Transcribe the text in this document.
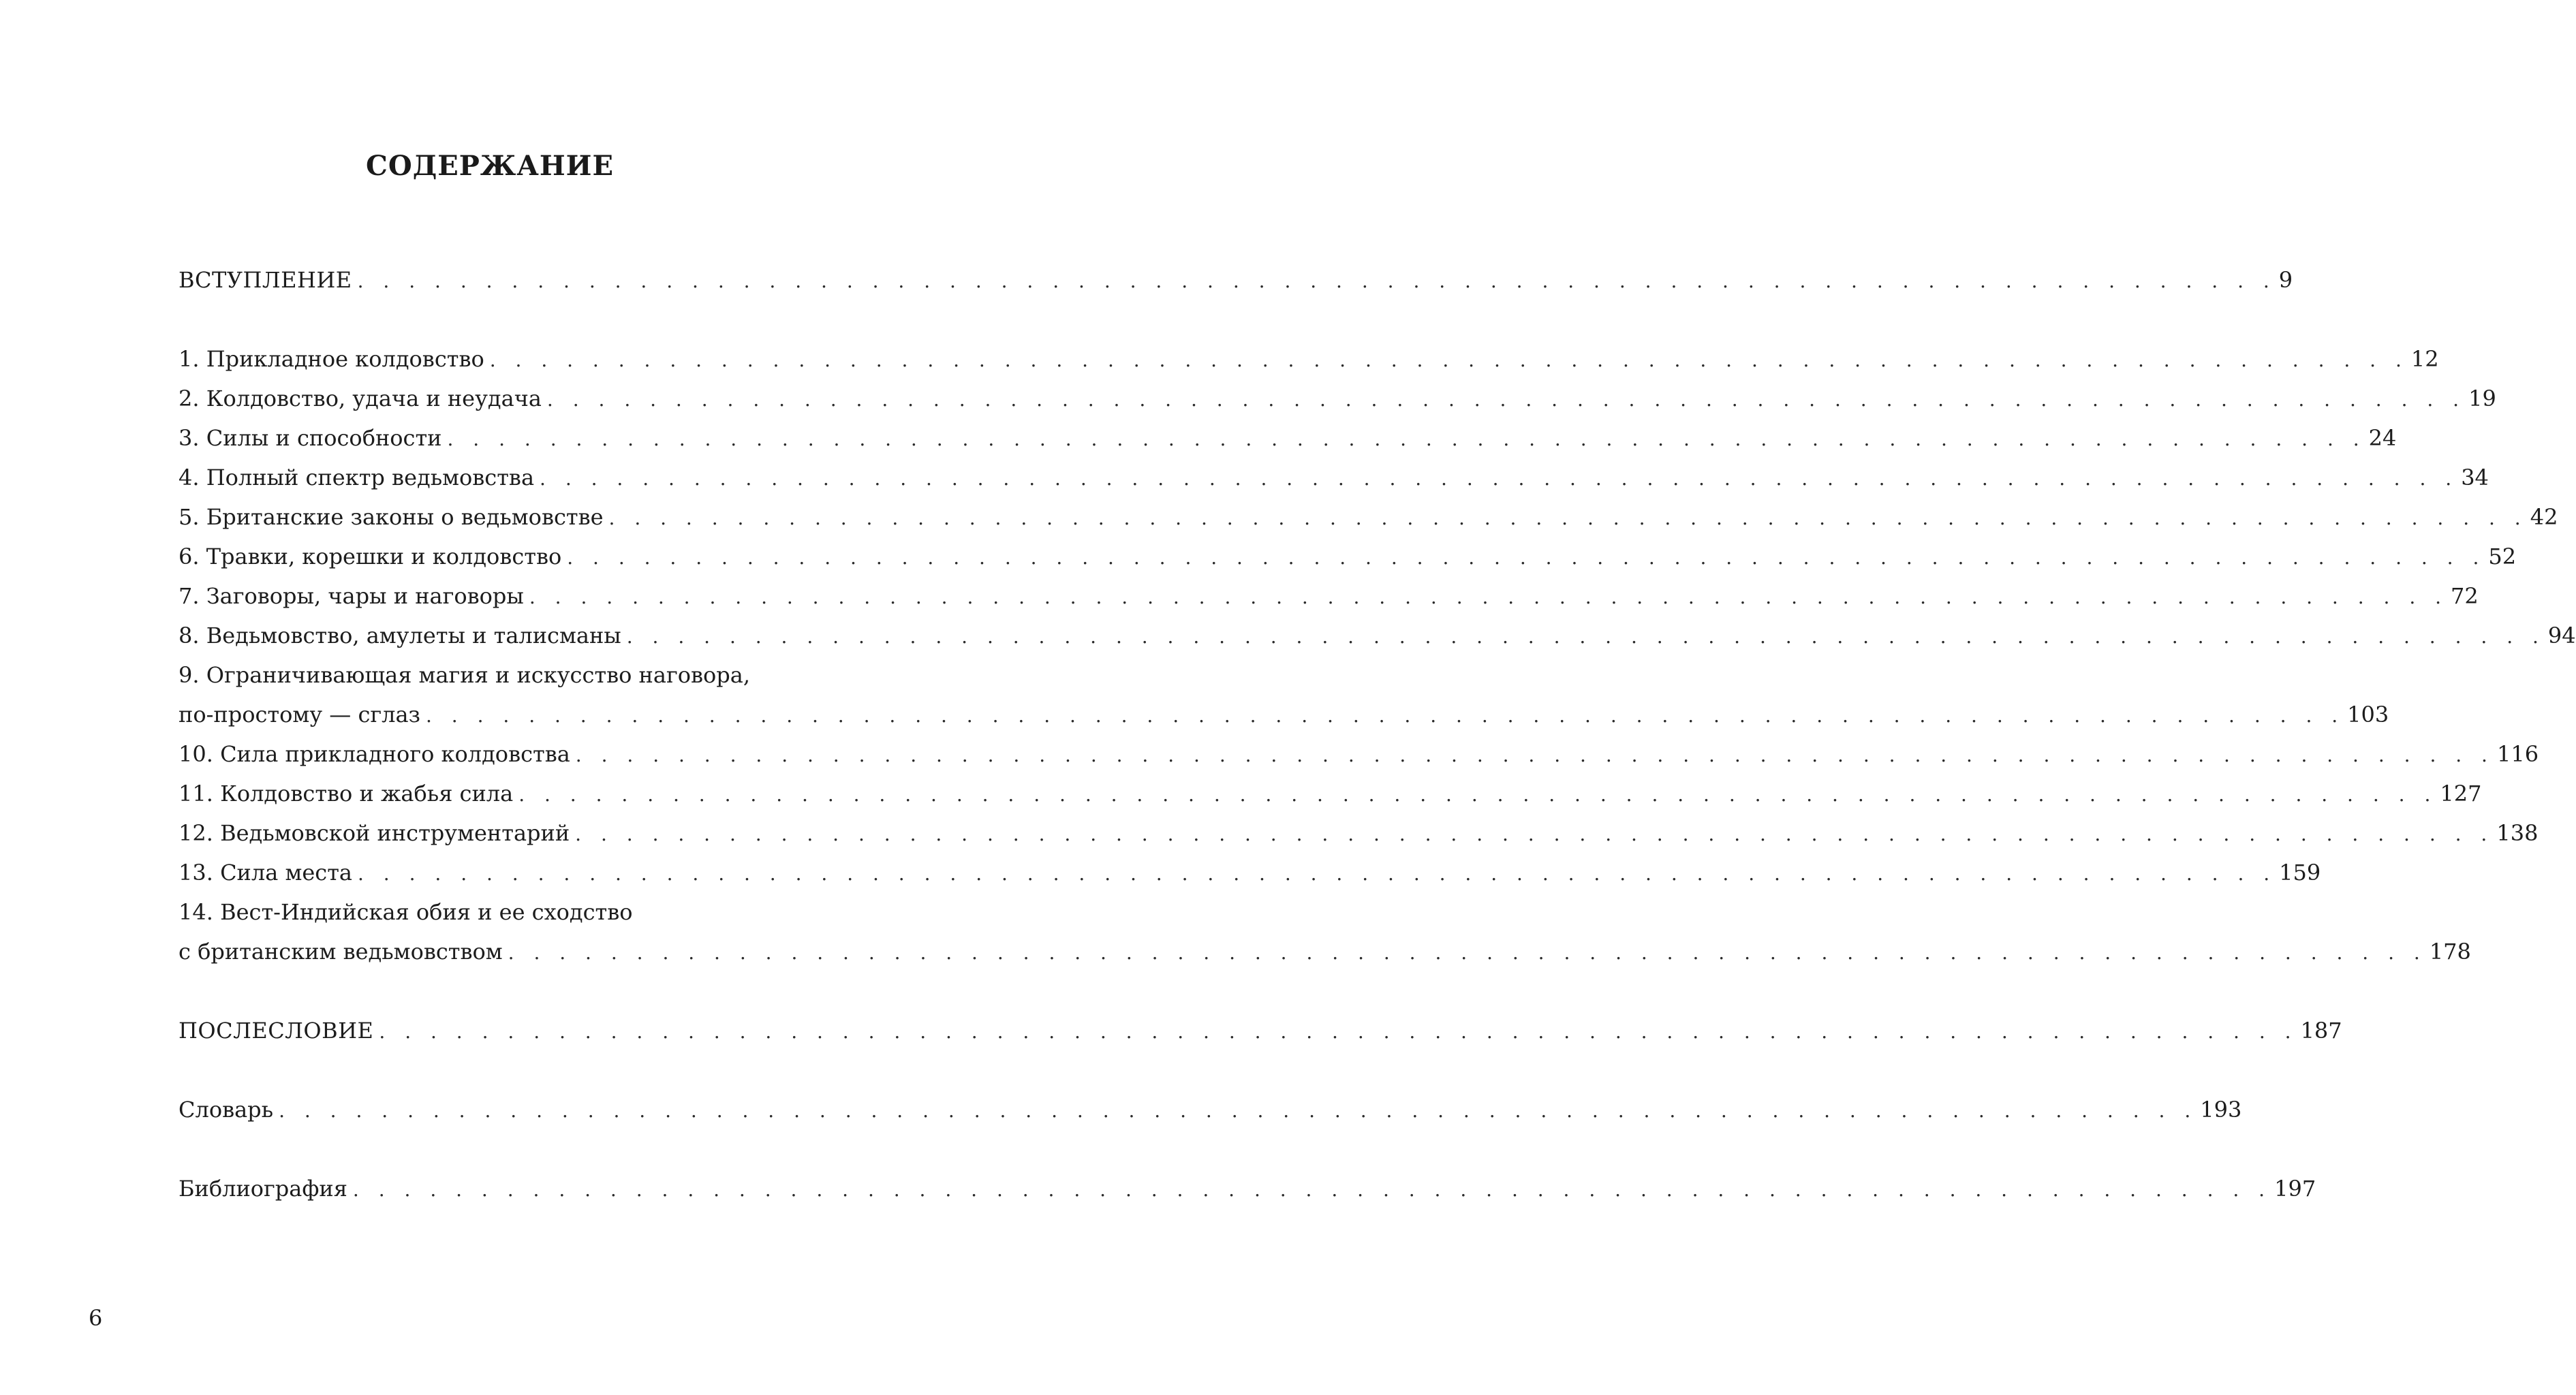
СОДЕРЖАНИЕ
ВСТУПЛЕНИЕ . . . . . . . . . . . . . . . . . . . . . . . . . . . . . . . . . . . . . . . . . . . . . . . . . . . . . . . . . . . . . . . . . . . . . . . . . . . 9
1. Прикладное колдовство . . . . . . . . . . . . . . . . . . . . . . . . . . . . . . . . . . . . . . . . . . . . . . . . . . . . . . . . . . . . . . . . . . . . . . . . . . . 12
2. Колдовство, удача и неудача . . . . . . . . . . . . . . . . . . . . . . . . . . . . . . . . . . . . . . . . . . . . . . . . . . . . . . . . . . . . . . . . . . . . . . . . . . . 19
3. Силы и способности . . . . . . . . . . . . . . . . . . . . . . . . . . . . . . . . . . . . . . . . . . . . . . . . . . . . . . . . . . . . . . . . . . . . . . . . . . . 24
4. Полный спектр ведьмовства . . . . . . . . . . . . . . . . . . . . . . . . . . . . . . . . . . . . . . . . . . . . . . . . . . . . . . . . . . . . . . . . . . . . . . . . . . . 34
5. Британские законы о ведьмовстве . . . . . . . . . . . . . . . . . . . . . . . . . . . . . . . . . . . . . . . . . . . . . . . . . . . . . . . . . . . . . . . . . . . . . . . . . . . 42
6. Травки, корешки и колдовство . . . . . . . . . . . . . . . . . . . . . . . . . . . . . . . . . . . . . . . . . . . . . . . . . . . . . . . . . . . . . . . . . . . . . . . . . . . 52
7. Заговоры, чары и наговоры . . . . . . . . . . . . . . . . . . . . . . . . . . . . . . . . . . . . . . . . . . . . . . . . . . . . . . . . . . . . . . . . . . . . . . . . . . . 72
8. Ведьмовство, амулеты и талисманы . . . . . . . . . . . . . . . . . . . . . . . . . . . . . . . . . . . . . . . . . . . . . . . . . . . . . . . . . . . . . . . . . . . . . . . . . . . 94
9. Ограничивающая магия и искусство наговора,
по-простому — сглаз . . . . . . . . . . . . . . . . . . . . . . . . . . . . . . . . . . . . . . . . . . . . . . . . . . . . . . . . . . . . . . . . . . . . . . . . . . . 103
10. Сила прикладного колдовства . . . . . . . . . . . . . . . . . . . . . . . . . . . . . . . . . . . . . . . . . . . . . . . . . . . . . . . . . . . . . . . . . . . . . . . . . . . 116
11. Колдовство и жабья сила . . . . . . . . . . . . . . . . . . . . . . . . . . . . . . . . . . . . . . . . . . . . . . . . . . . . . . . . . . . . . . . . . . . . . . . . . . . 127
12. Ведьмовской инструментарий . . . . . . . . . . . . . . . . . . . . . . . . . . . . . . . . . . . . . . . . . . . . . . . . . . . . . . . . . . . . . . . . . . . . . . . . . . . 138
13. Сила места . . . . . . . . . . . . . . . . . . . . . . . . . . . . . . . . . . . . . . . . . . . . . . . . . . . . . . . . . . . . . . . . . . . . . . . . . . . 159
14. Вест-Индийская обия и ее сходство
с британским ведьмовством . . . . . . . . . . . . . . . . . . . . . . . . . . . . . . . . . . . . . . . . . . . . . . . . . . . . . . . . . . . . . . . . . . . . . . . . . . . 178
ПОСЛЕСЛОВИЕ . . . . . . . . . . . . . . . . . . . . . . . . . . . . . . . . . . . . . . . . . . . . . . . . . . . . . . . . . . . . . . . . . . . . . . . . . . . 187
Словарь . . . . . . . . . . . . . . . . . . . . . . . . . . . . . . . . . . . . . . . . . . . . . . . . . . . . . . . . . . . . . . . . . . . . . . . . . . . 193
Библиография . . . . . . . . . . . . . . . . . . . . . . . . . . . . . . . . . . . . . . . . . . . . . . . . . . . . . . . . . . . . . . . . . . . . . . . . . . . 197
6
